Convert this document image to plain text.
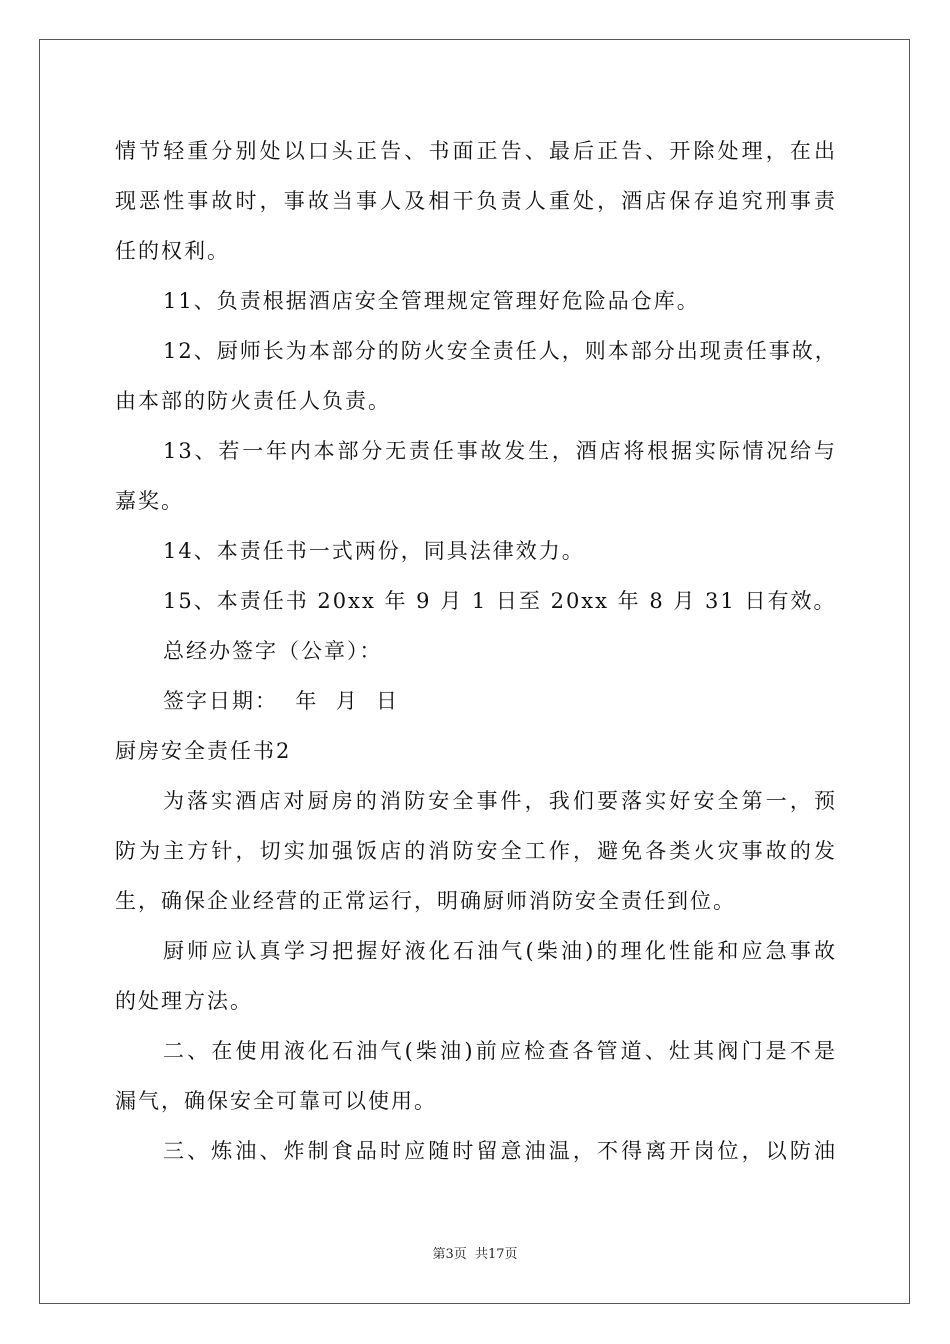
情节轻重分别处以口头正告、书面正告、最后正告、开除处理，在出
现恶性事故时，事故当事人及相干负责人重处，酒店保存追究刑事责
任的权利。
11、负责根据酒店安全管理规定管理好危险品仓库。
12、厨师长为本部分的防火安全责任人，则本部分出现责任事故，
由本部的防火责任人负责。
13、若一年内本部分无责任事故发生，酒店将根据实际情况给与
嘉奖。
14、本责任书一式两份，同具法律效力。
15、本责任书 20xx 年 9 月 1 日至 20xx 年 8 月 31 日有效。
总经办签字（公章）：
签字日期：  年  月  日
厨房安全责任书2
为落实酒店对厨房的消防安全事件，我们要落实好安全第一，预
防为主方针，切实加强饭店的消防安全工作，避免各类火灾事故的发
生，确保企业经营的正常运行，明确厨师消防安全责任到位。
厨师应认真学习把握好液化石油气(柴油)的理化性能和应急事故
的处理方法。
二、在使用液化石油气(柴油)前应检查各管道、灶其阀门是不是
漏气，确保安全可靠可以使用。
三、炼油、炸制食品时应随时留意油温，不得离开岗位，以防油
第3页 共17页
